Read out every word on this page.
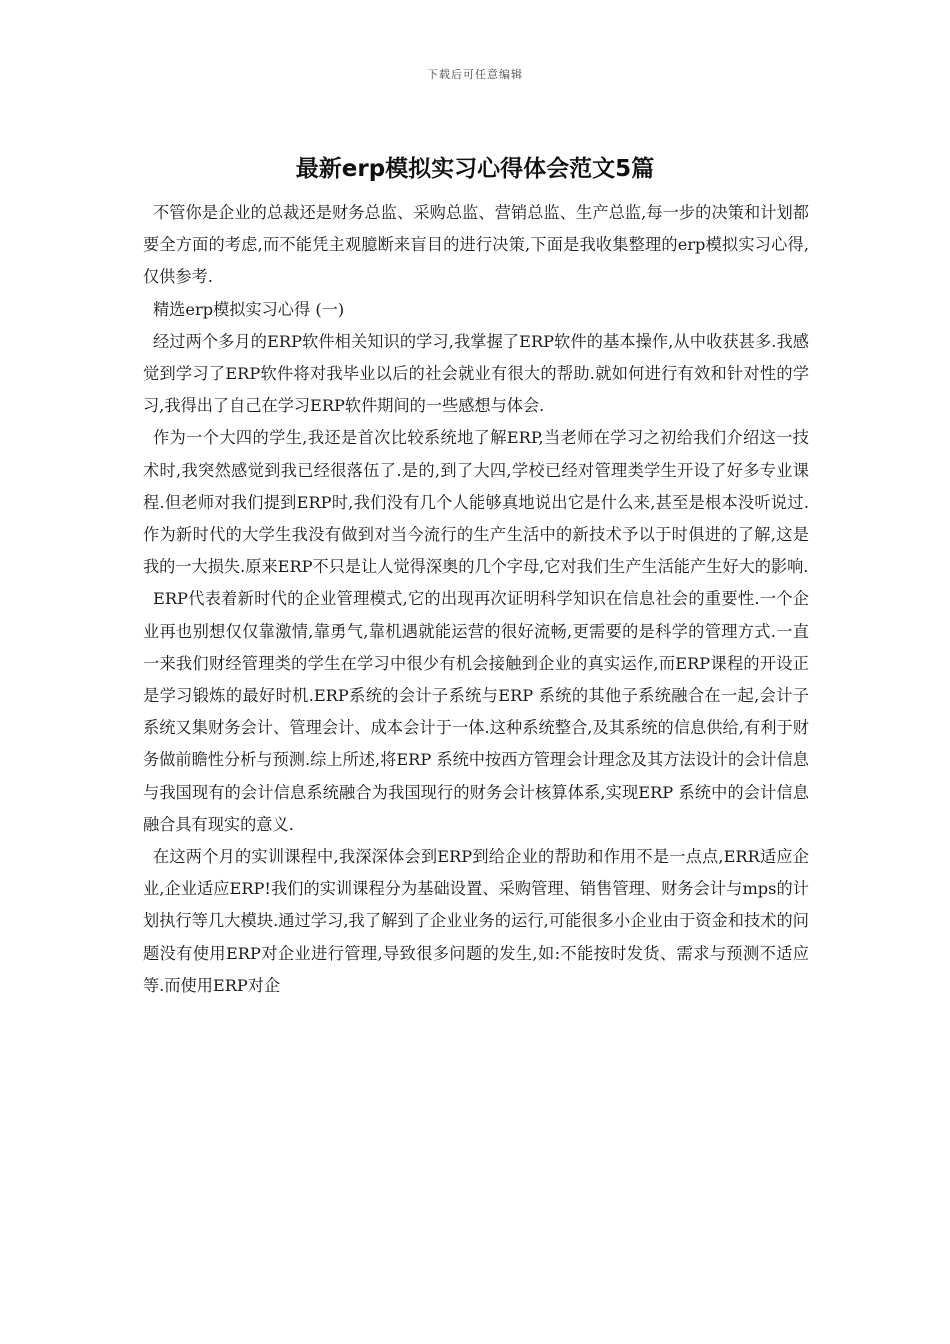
下载后可任意编辑
最新erp模拟实习心得体会范文5篇

不管你是企业的总裁还是财务总监、采购总监、营销总监、生产总监,每一步的决策和计划都要全方面的考虑,而不能凭主观臆断来盲目的进行决策,下面是我收集整理的erp模拟实习心得,仅供参考.

精选erp模拟实习心得 (一)

经过两个多月的ERP软件相关知识的学习,我掌握了ERP软件的基本操作,从中收获甚多.我感觉到学习了ERP软件将对我毕业以后的社会就业有很大的帮助.就如何进行有效和针对性的学习,我得出了自己在学习ERP软件期间的一些感想与体会.

作为一个大四的学生,我还是首次比较系统地了解ERP,当老师在学习之初给我们介绍这一技术时,我突然感觉到我已经很落伍了.是的,到了大四,学校已经对管理类学生开设了好多专业课程.但老师对我们提到ERP时,我们没有几个人能够真地说出它是什么来,甚至是根本没听说过.作为新时代的大学生我没有做到对当今流行的生产生活中的新技术予以于时俱进的了解,这是我的一大损失.原来ERP不只是让人觉得深奥的几个字母,它对我们生产生活能产生好大的影响.

ERP代表着新时代的企业管理模式,它的出现再次证明科学知识在信息社会的重要性.一个企业再也别想仅仅靠激情,靠勇气,靠机遇就能运营的很好流畅,更需要的是科学的管理方式.一直一来我们财经管理类的学生在学习中很少有机会接触到企业的真实运作,而ERP课程的开设正是学习锻炼的最好时机.ERP系统的会计子系统与ERP 系统的其他子系统融合在一起,会计子系统又集财务会计、管理会计、成本会计于一体.这种系统整合,及其系统的信息供给,有利于财务做前瞻性分析与预测.综上所述,将ERP 系统中按西方管理会计理念及其方法设计的会计信息与我国现有的会计信息系统融合为我国现行的财务会计核算体系,实现ERP 系统中的会计信息融合具有现实的意义.

在这两个月的实训课程中,我深深体会到ERP到给企业的帮助和作用不是一点点,ERR适应企业,企业适应ERP!我们的实训课程分为基础设置、采购管理、销售管理、财务会计与mps的计划执行等几大模块.通过学习,我了解到了企业业务的运行,可能很多小企业由于资金和技术的问题没有使用ERP对企业进行管理,导致很多问题的发生,如:不能按时发货、需求与预测不适应等.而使用ERP对企
